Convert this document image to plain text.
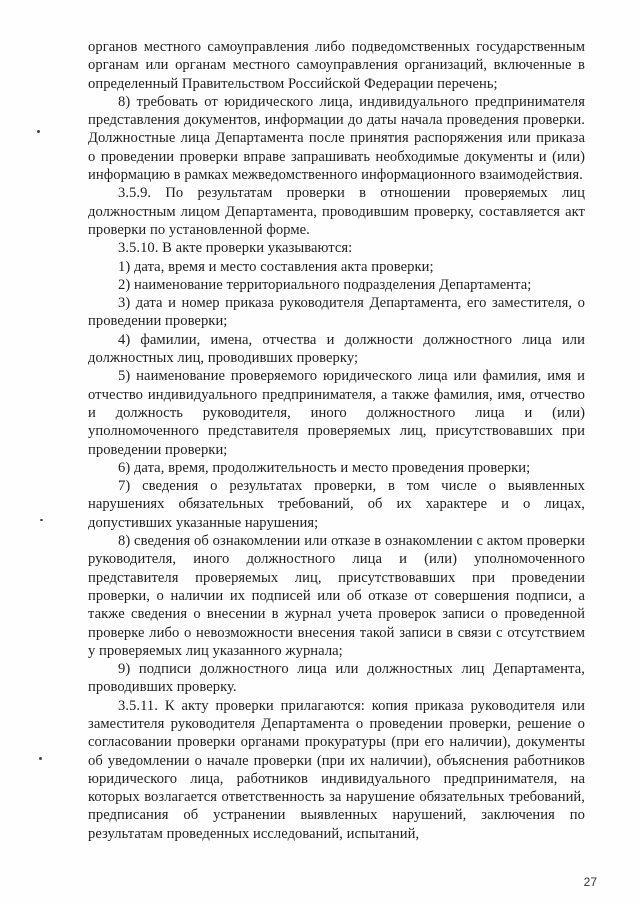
органов местного самоуправления либо подведомственных государственным органам или органам местного самоуправления организаций, включенные в определенный Правительством Российской Федерации перечень;

8) требовать от юридического лица, индивидуального предпринимателя представления документов, информации до даты начала проведения проверки. Должностные лица Департамента после принятия распоряжения или приказа о проведении проверки вправе запрашивать необходимые документы и (или) информацию в рамках межведомственного информационного взаимодействия.

3.5.9. По результатам проверки в отношении проверяемых лиц должностным лицом Департамента, проводившим проверку, составляется акт проверки по установленной форме.

3.5.10. В акте проверки указываются:

1) дата, время и место составления акта проверки;

2) наименование территориального подразделения Департамента;

3) дата и номер приказа руководителя Департамента, его заместителя, о проведении проверки;

4) фамилии, имена, отчества и должности должностного лица или должностных лиц, проводивших проверку;

5) наименование проверяемого юридического лица или фамилия, имя и отчество индивидуального предпринимателя, а также фамилия, имя, отчество и должность руководителя, иного должностного лица и (или) уполномоченного представителя проверяемых лиц, присутствовавших при проведении проверки;

6) дата, время, продолжительность и место проведения проверки;

7) сведения о результатах проверки, в том числе о выявленных нарушениях обязательных требований, об их характере и о лицах, допустивших указанные нарушения;

8) сведения об ознакомлении или отказе в ознакомлении с актом проверки руководителя, иного должностного лица и (или) уполномоченного представителя проверяемых лиц, присутствовавших при проведении проверки, о наличии их подписей или об отказе от совершения подписи, а также сведения о внесении в журнал учета проверок записи о проведенной проверке либо о невозможности внесения такой записи в связи с отсутствием у проверяемых лиц указанного журнала;

9) подписи должностного лица или должностных лиц Департамента, проводивших проверку.

3.5.11. К акту проверки прилагаются: копия приказа руководителя или заместителя руководителя Департамента о проведении проверки, решение о согласовании проверки органами прокуратуры (при его наличии), документы об уведомлении о начале проверки (при их наличии), объяснения работников юридического лица, работников индивидуального предпринимателя, на которых возлагается ответственность за нарушение обязательных требований, предписания об устранении выявленных нарушений, заключения по результатам проведенных исследований, испытаний,

27
